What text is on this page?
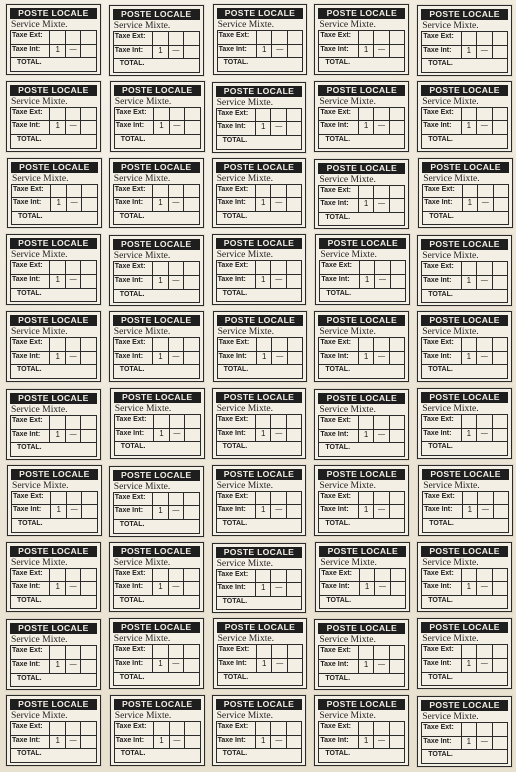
POSTE LOCALE
Service Mixte.
Taxe Ext:
Taxe Int:	1	—
TOTAL.
POSTE LOCALE
Service Mixte.
Taxe Ext:
Taxe Int:	1	—
TOTAL.
POSTE LOCALE
Service Mixte.
Taxe Ext:
Taxe Int:	1	—
TOTAL.
POSTE LOCALE
Service Mixte.
Taxe Ext:
Taxe Int:	1	—
TOTAL.
POSTE LOCALE
Service Mixte.
Taxe Ext:
Taxe Int:	1	—
TOTAL.
POSTE LOCALE
Service Mixte.
Taxe Ext:
Taxe Int:	1	—
TOTAL.
POSTE LOCALE
Service Mixte.
Taxe Ext:
Taxe Int:	1	—
TOTAL.
POSTE LOCALE
Service Mixte.
Taxe Ext:
Taxe Int:	1	—
TOTAL.
POSTE LOCALE
Service Mixte.
Taxe Ext:
Taxe Int:	1	—
TOTAL.
POSTE LOCALE
Service Mixte.
Taxe Ext:
Taxe Int:	1	—
TOTAL.
POSTE LOCALE
Service Mixte.
Taxe Ext:
Taxe Int:	1	—
TOTAL.
POSTE LOCALE
Service Mixte.
Taxe Ext:
Taxe Int:	1	—
TOTAL.
POSTE LOCALE
Service Mixte.
Taxe Ext:
Taxe Int:	1	—
TOTAL.
POSTE LOCALE
Service Mixte.
Taxe Ext:
Taxe Int:	1	—
TOTAL.
POSTE LOCALE
Service Mixte.
Taxe Ext:
Taxe Int:	1	—
TOTAL.
POSTE LOCALE
Service Mixte.
Taxe Ext:
Taxe Int:	1	—
TOTAL.
POSTE LOCALE
Service Mixte.
Taxe Ext:
Taxe Int:	1	—
TOTAL.
POSTE LOCALE
Service Mixte.
Taxe Ext:
Taxe Int:	1	—
TOTAL.
POSTE LOCALE
Service Mixte.
Taxe Ext:
Taxe Int:	1	—
TOTAL.
POSTE LOCALE
Service Mixte.
Taxe Ext:
Taxe Int:	1	—
TOTAL.
POSTE LOCALE
Service Mixte.
Taxe Ext:
Taxe Int:	1	—
TOTAL.
POSTE LOCALE
Service Mixte.
Taxe Ext:
Taxe Int:	1	—
TOTAL.
POSTE LOCALE
Service Mixte.
Taxe Ext:
Taxe Int:	1	—
TOTAL.
POSTE LOCALE
Service Mixte.
Taxe Ext:
Taxe Int:	1	—
TOTAL.
POSTE LOCALE
Service Mixte.
Taxe Ext:
Taxe Int:	1	—
TOTAL.
POSTE LOCALE
Service Mixte.
Taxe Ext:
Taxe Int:	1	—
TOTAL.
POSTE LOCALE
Service Mixte.
Taxe Ext:
Taxe Int:	1	—
TOTAL.
POSTE LOCALE
Service Mixte.
Taxe Ext:
Taxe Int:	1	—
TOTAL.
POSTE LOCALE
Service Mixte.
Taxe Ext:
Taxe Int:	1	—
TOTAL.
POSTE LOCALE
Service Mixte.
Taxe Ext:
Taxe Int:	1	—
TOTAL.
POSTE LOCALE
Service Mixte.
Taxe Ext:
Taxe Int:	1	—
TOTAL.
POSTE LOCALE
Service Mixte.
Taxe Ext:
Taxe Int:	1	—
TOTAL.
POSTE LOCALE
Service Mixte.
Taxe Ext:
Taxe Int:	1	—
TOTAL.
POSTE LOCALE
Service Mixte.
Taxe Ext:
Taxe Int:	1	—
TOTAL.
POSTE LOCALE
Service Mixte.
Taxe Ext:
Taxe Int:	1	—
TOTAL.
POSTE LOCALE
Service Mixte.
Taxe Ext:
Taxe Int:	1	—
TOTAL.
POSTE LOCALE
Service Mixte.
Taxe Ext:
Taxe Int:	1	—
TOTAL.
POSTE LOCALE
Service Mixte.
Taxe Ext:
Taxe Int:	1	—
TOTAL.
POSTE LOCALE
Service Mixte.
Taxe Ext:
Taxe Int:	1	—
TOTAL.
POSTE LOCALE
Service Mixte.
Taxe Ext:
Taxe Int:	1	—
TOTAL.
POSTE LOCALE
Service Mixte.
Taxe Ext:
Taxe Int:	1	—
TOTAL.
POSTE LOCALE
Service Mixte.
Taxe Ext:
Taxe Int:	1	—
TOTAL.
POSTE LOCALE
Service Mixte.
Taxe Ext:
Taxe Int:	1	—
TOTAL.
POSTE LOCALE
Service Mixte.
Taxe Ext:
Taxe Int:	1	—
TOTAL.
POSTE LOCALE
Service Mixte.
Taxe Ext:
Taxe Int:	1	—
TOTAL.
POSTE LOCALE
Service Mixte.
Taxe Ext:
Taxe Int:	1	—
TOTAL.
POSTE LOCALE
Service Mixte.
Taxe Ext:
Taxe Int:	1	—
TOTAL.
POSTE LOCALE
Service Mixte.
Taxe Ext:
Taxe Int:	1	—
TOTAL.
POSTE LOCALE
Service Mixte.
Taxe Ext:
Taxe Int:	1	—
TOTAL.
POSTE LOCALE
Service Mixte.
Taxe Ext:
Taxe Int:	1	—
TOTAL.
